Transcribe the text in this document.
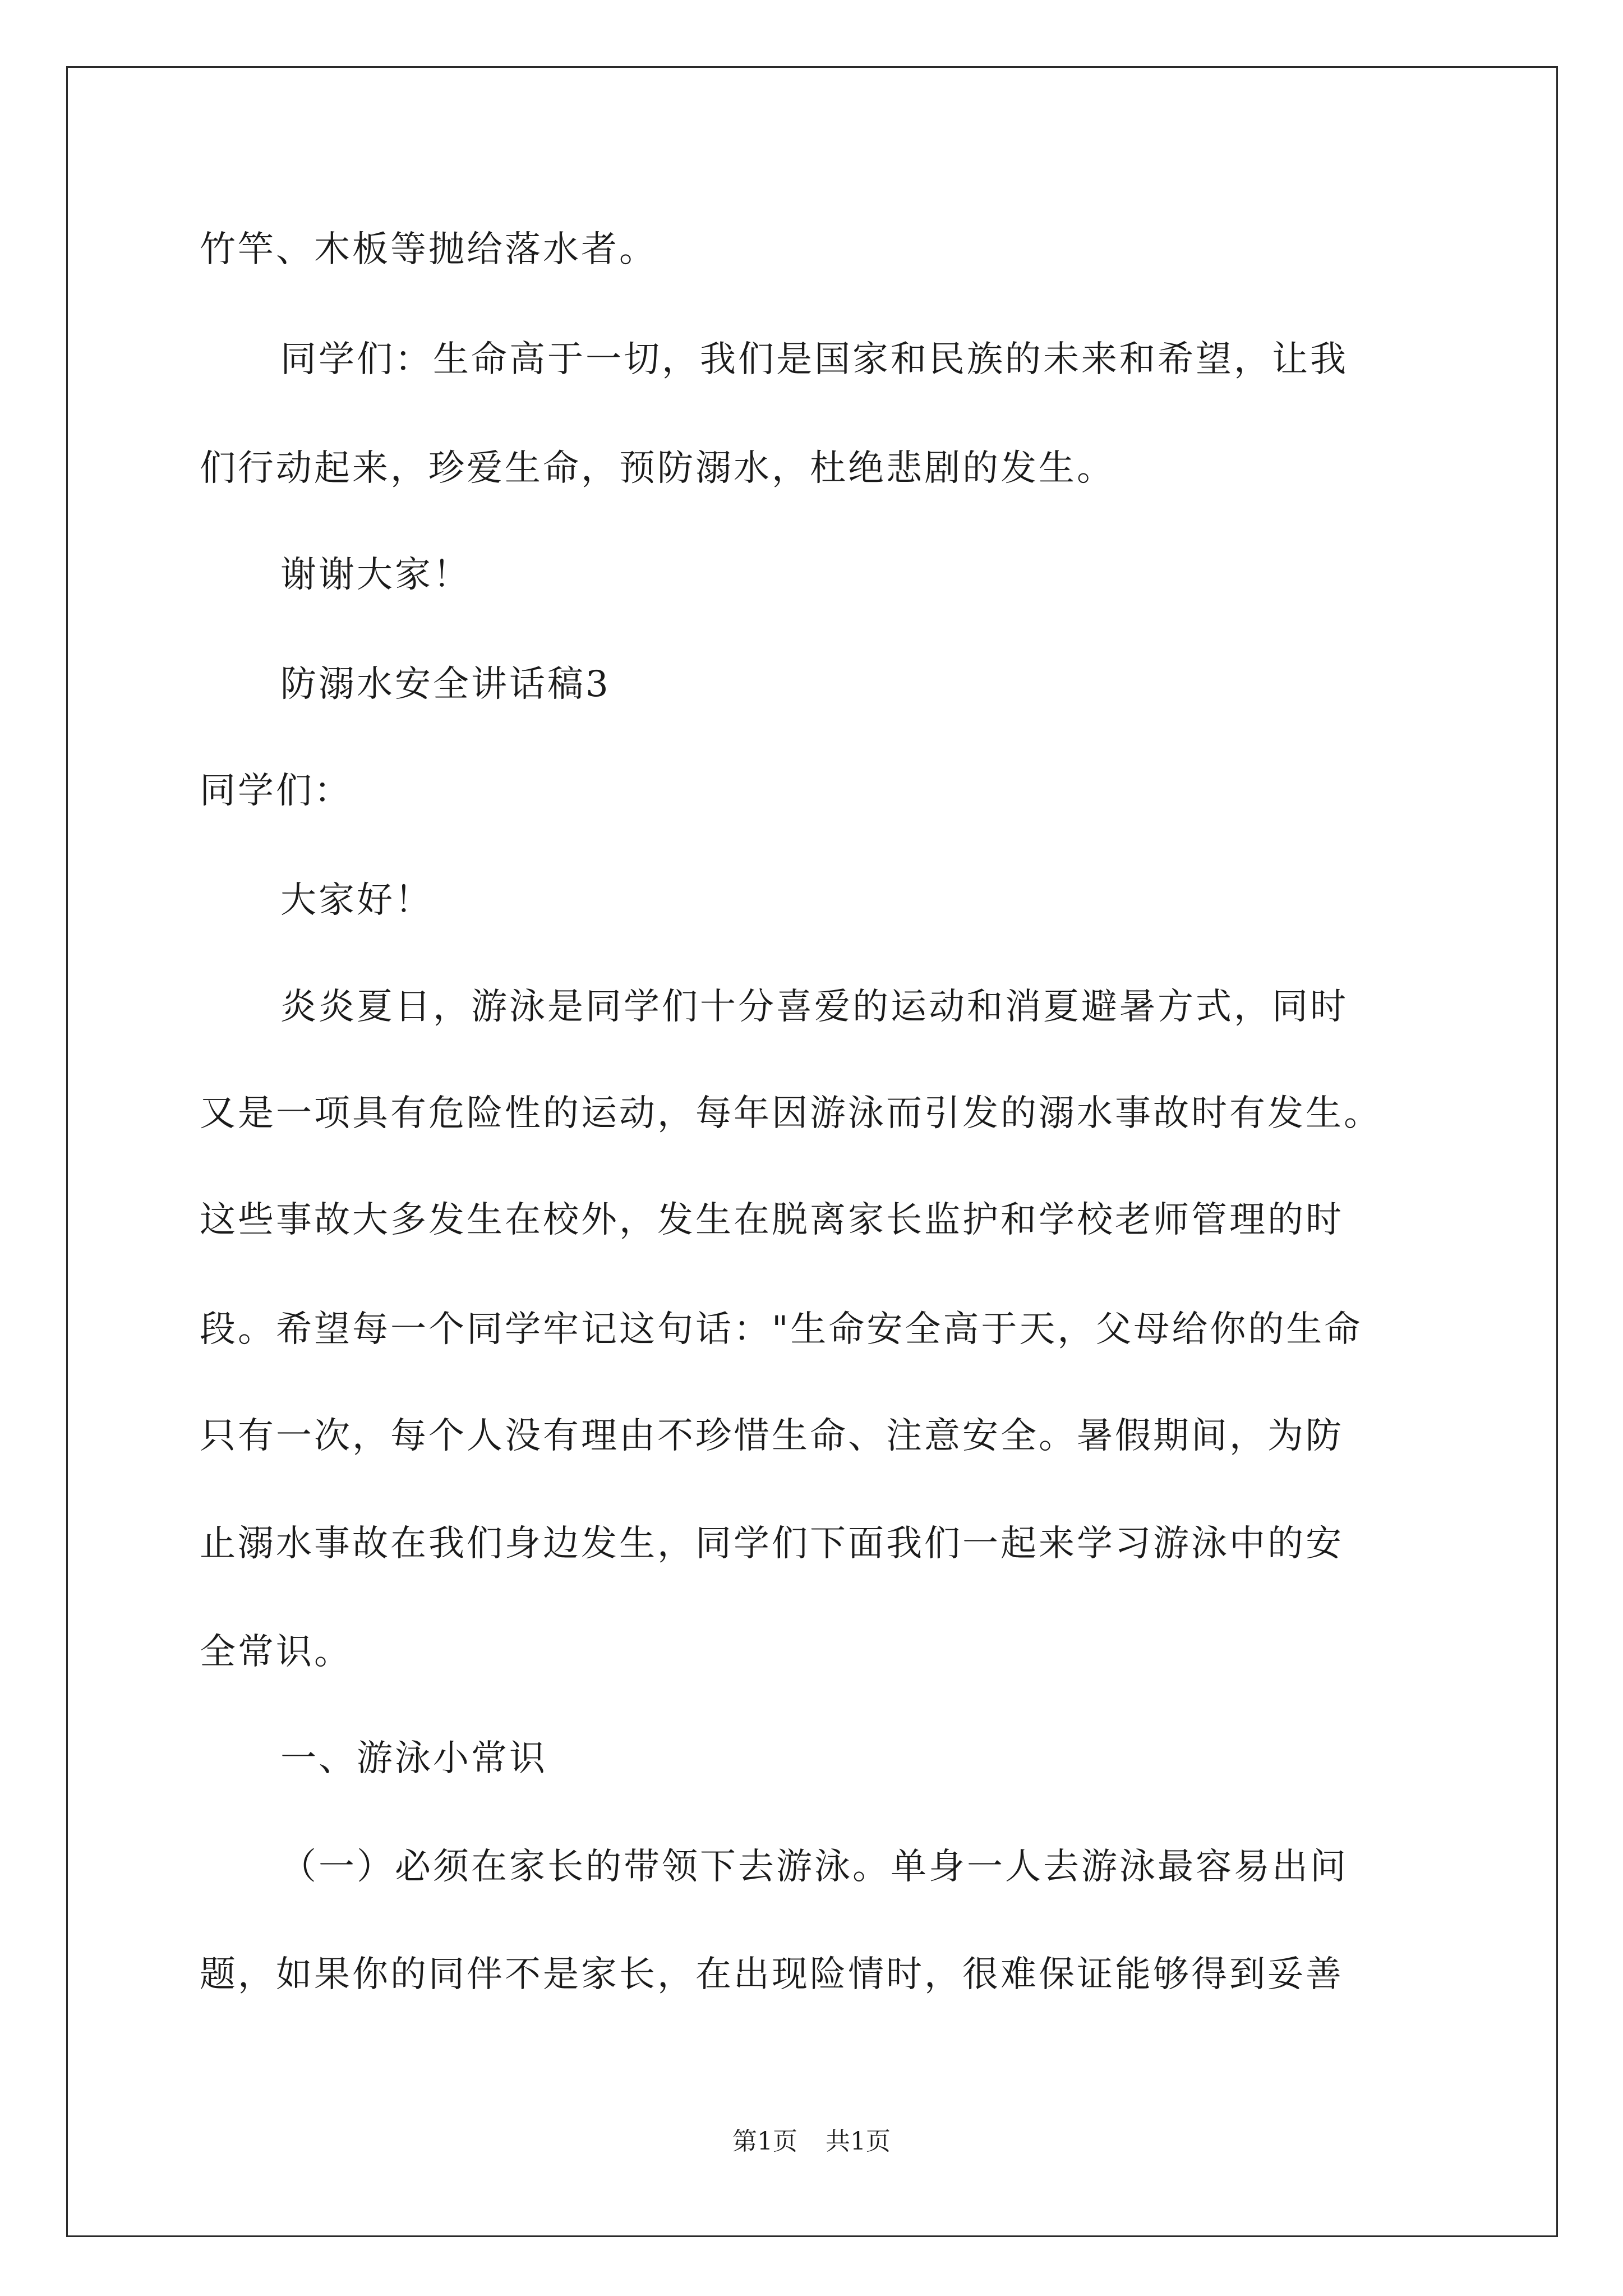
竹竿、木板等抛给落水者。
同学们：生命高于一切，我们是国家和民族的未来和希望，让我
们行动起来，珍爱生命，预防溺水，杜绝悲剧的发生。
谢谢大家！
防溺水安全讲话稿3
同学们：
大家好！
炎炎夏日，游泳是同学们十分喜爱的运动和消夏避暑方式，同时
又是一项具有危险性的运动，每年因游泳而引发的溺水事故时有发生。
这些事故大多发生在校外，发生在脱离家长监护和学校老师管理的时
段。希望每一个同学牢记这句话："生命安全高于天，父母给你的生命
只有一次，每个人没有理由不珍惜生命、注意安全。暑假期间，为防
止溺水事故在我们身边发生，同学们下面我们一起来学习游泳中的安
全常识。
一、游泳小常识
（一）必须在家长的带领下去游泳。单身一人去游泳最容易出问
题，如果你的同伴不是家长，在出现险情时，很难保证能够得到妥善
第1页 共1页
